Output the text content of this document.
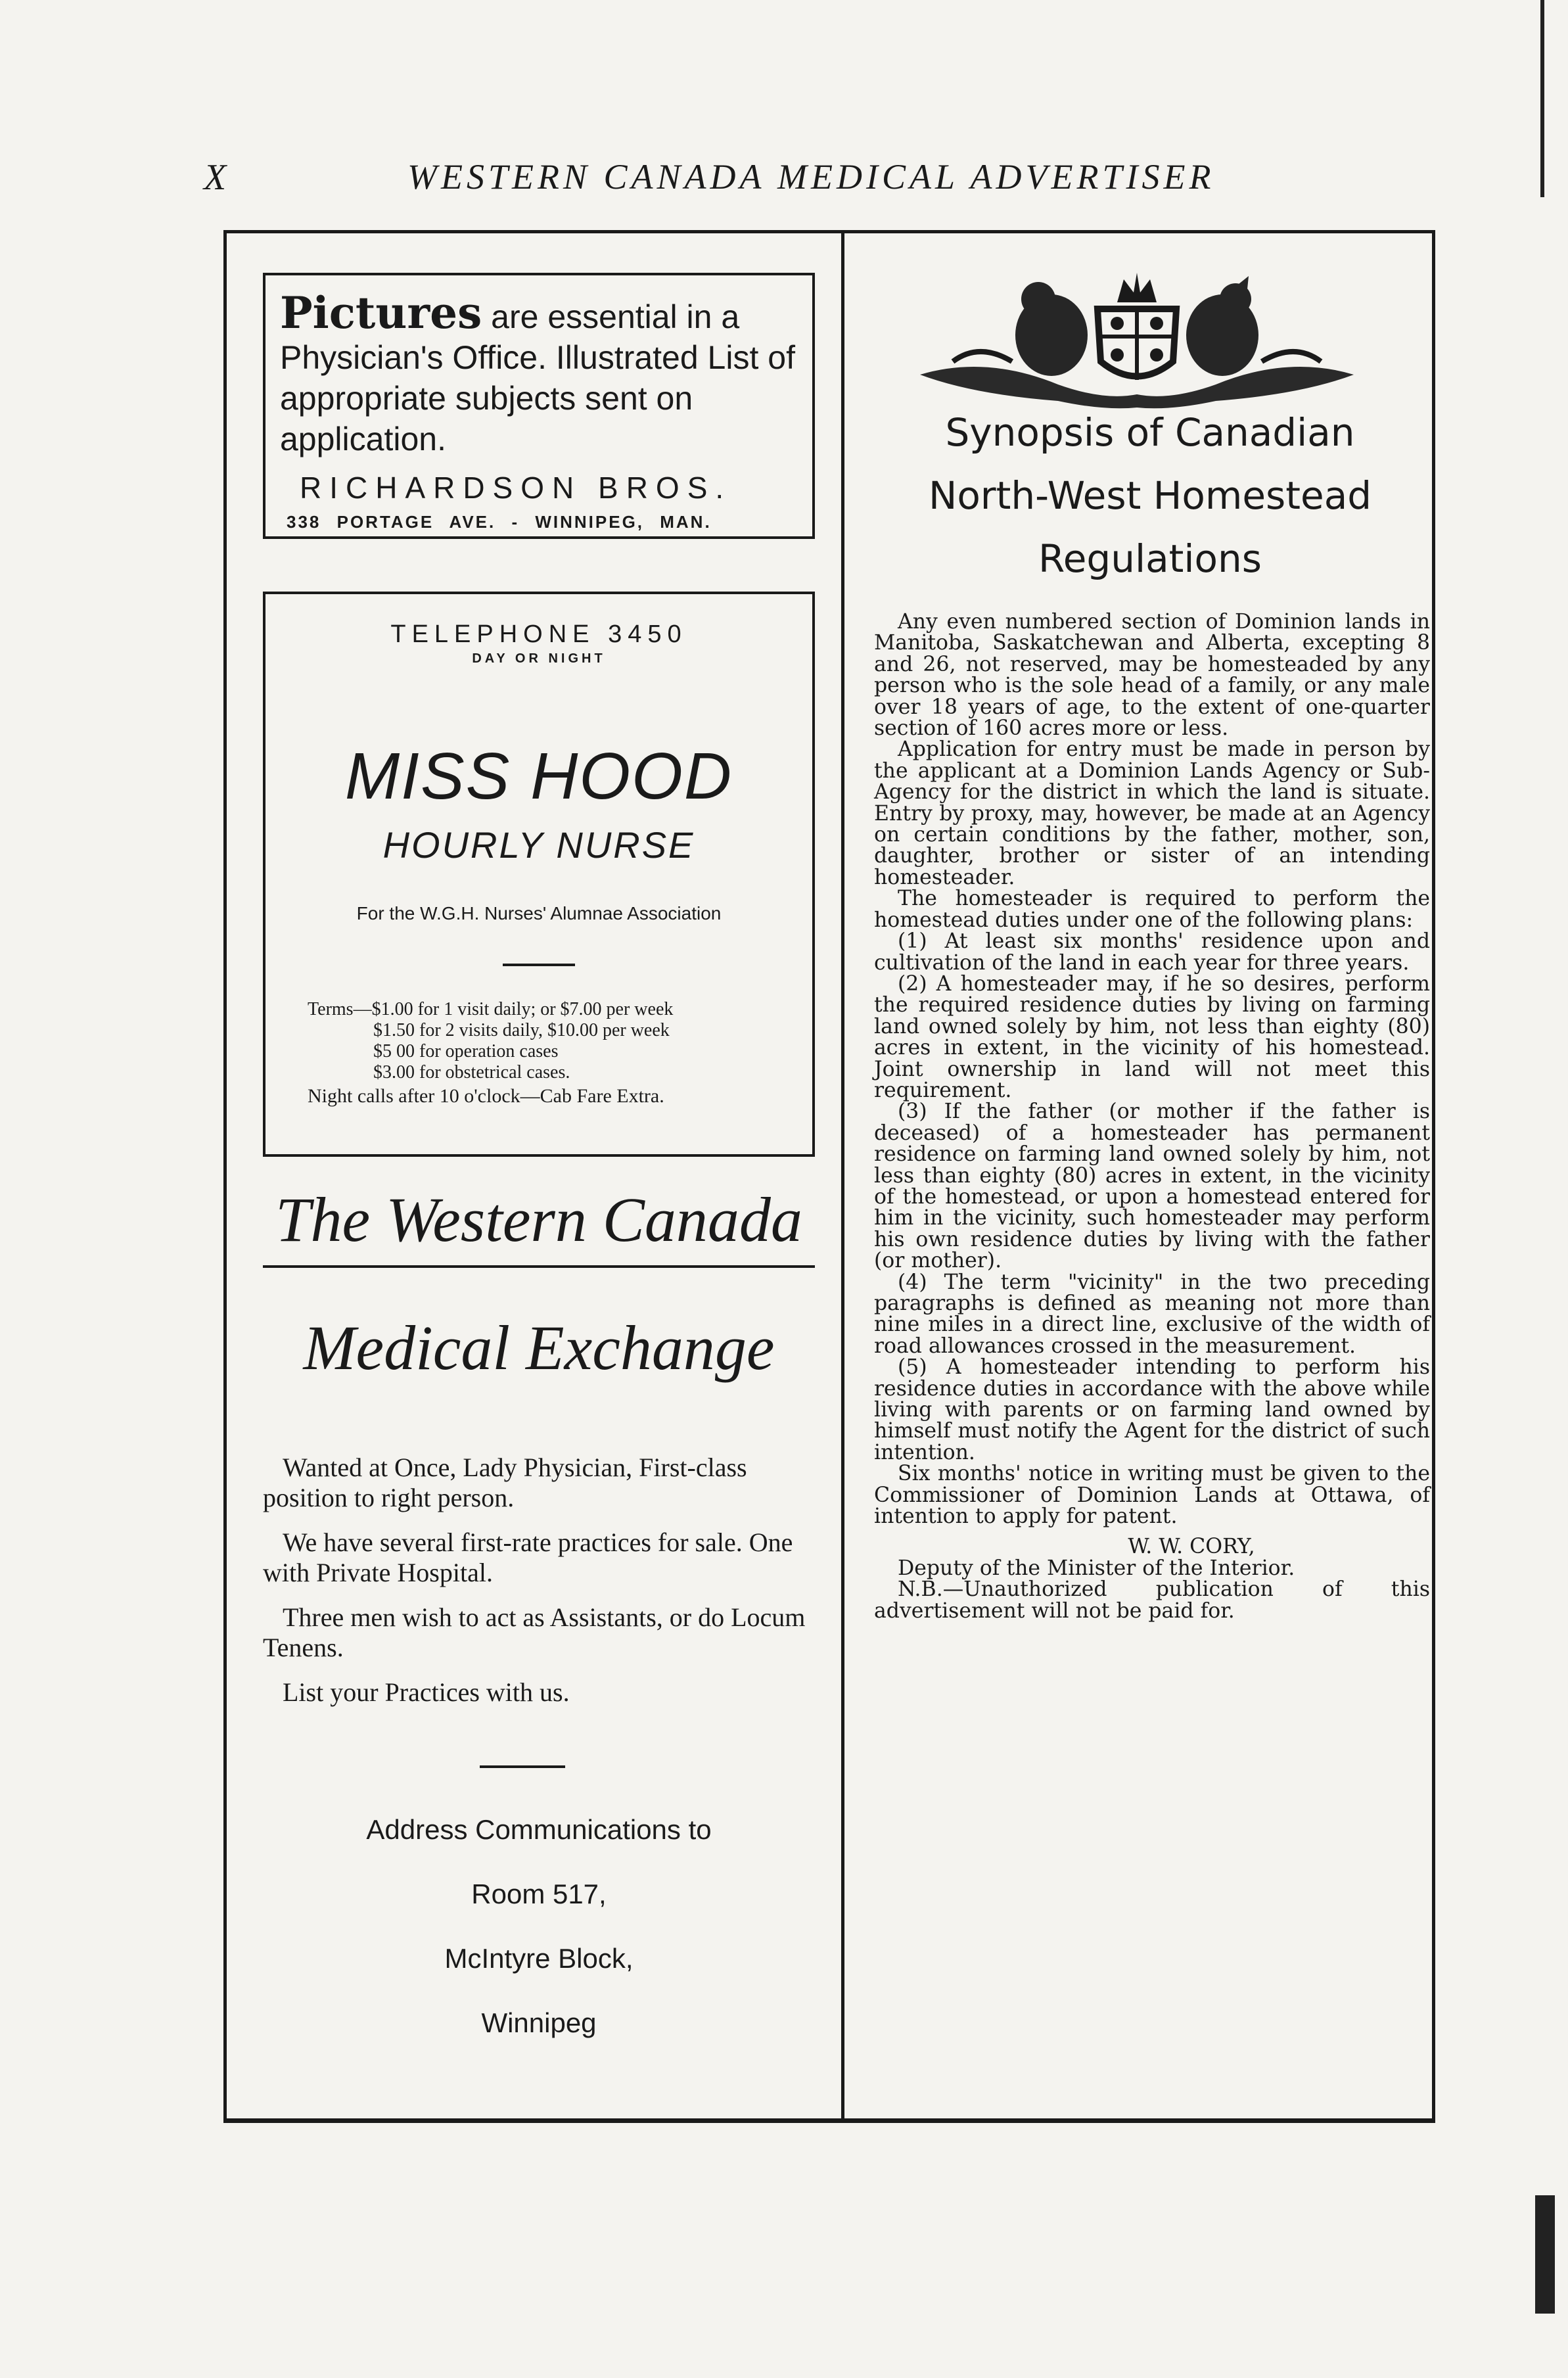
X	WESTERN CANADA MEDICAL ADVERTISER

Pictures are essential in a Physician's Office. Illustrated List of appropriate subjects sent on application.

RICHARDSON BROS.
338 PORTAGE AVE. - WINNIPEG, MAN.
TELEPHONE 3450
DAY OR NIGHT
MISS HOOD
HOURLY NURSE
For the W.G.H. Nurses' Alumnae Association
Terms—$1.00 for 1 visit daily; or $7.00 per week
$1.50 for 2 visits daily, $10.00 per week
$5 00 for operation cases
$3.00 for obstetrical cases.
Night calls after 10 o'clock—Cab Fare Extra.
The Western Canada
Medical Exchange

Wanted at Once, Lady Physician, First-class position to right person.

We have several first-rate practices for sale. One with Private Hospital.

Three men wish to act as Assistants, or do Locum Tenens.

List your Practices with us.

Address Communications to
Room 517,
McIntyre Block,
Winnipeg
Synopsis of Canadian
North-West Homestead
Regulations

Any even numbered section of Dominion lands in Manitoba, Saskatchewan and Alberta, excepting 8 and 26, not reserved, may be homesteaded by any person who is the sole head of a family, or any male over 18 years of age, to the extent of one-quarter section of 160 acres more or less.

Application for entry must be made in person by the applicant at a Dominion Lands Agency or Sub-Agency for the district in which the land is situate. Entry by proxy, may, however, be made at an Agency on certain conditions by the father, mother, son, daughter, brother or sister of an intending homesteader.

The homesteader is required to perform the homestead duties under one of the following plans:

(1) At least six months' residence upon and cultivation of the land in each year for three years.

(2) A homesteader may, if he so desires, perform the required residence duties by living on farming land owned solely by him, not less than eighty (80) acres in extent, in the vicinity of his homestead. Joint ownership in land will not meet this requirement.

(3) If the father (or mother if the father is deceased) of a homesteader has permanent residence on farming land owned solely by him, not less than eighty (80) acres in extent, in the vicinity of the homestead, or upon a homestead entered for him in the vicinity, such homesteader may perform his own residence duties by living with the father (or mother).

(4) The term "vicinity" in the two preceding paragraphs is defined as meaning not more than nine miles in a direct line, exclusive of the width of road allowances crossed in the measurement.

(5) A homesteader intending to perform his residence duties in accordance with the above while living with parents or on farming land owned by himself must notify the Agent for the district of such intention.

Six months' notice in writing must be given to the Commissioner of Dominion Lands at Ottawa, of intention to apply for patent.

W. W. CORY,

Deputy of the Minister of the Interior.

N.B.—Unauthorized publication of this advertisement will not be paid for.
